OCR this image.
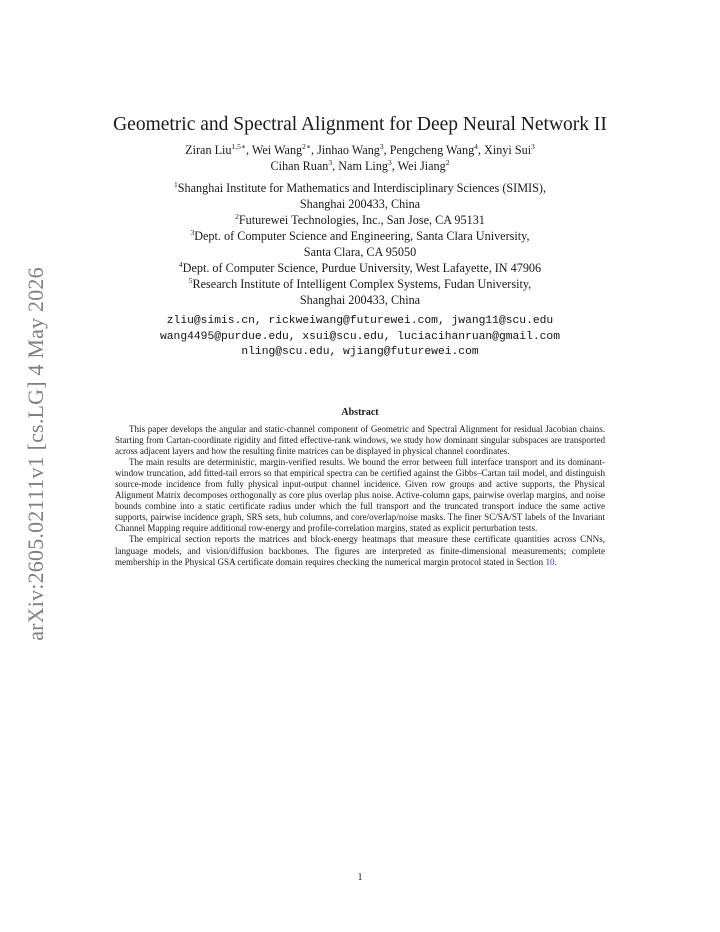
arXiv:2605.02111v1 [cs.LG] 4 May 2026
Geometric and Spectral Alignment for Deep Neural Network II
Ziran Liu$^{1,5∗}$, Wei Wang$^{2∗}$, Jinhao Wang$^3$, Pengcheng Wang$^4$, Xinyi Sui$^3$
Cihan Ruan$^3$, Nam Ling$^3$, Wei Jiang$^2$
$^1$Shanghai Institute for Mathematics and Interdisciplinary Sciences (SIMIS),
Shanghai 200433, China
$^2$Futurewei Technologies, Inc., San Jose, CA 95131
$^3$Dept. of Computer Science and Engineering, Santa Clara University,
Santa Clara, CA 95050
$^4$Dept. of Computer Science, Purdue University, West Lafayette, IN 47906
$^5$Research Institute of Intelligent Complex Systems, Fudan University,
Shanghai 200433, China
zliu@simis.cn, rickweiwang@futurewei.com, jwang11@scu.edu
wang4495@purdue.edu, xsui@scu.edu, luciacihanruan@gmail.com
nling@scu.edu, wjiang@futurewei.com
Abstract

This paper develops the angular and static-channel component of Geometric and Spectral Alignment for residual Jacobian chains. Starting from Cartan-coordinate rigidity and fitted effective-rank windows, we study how dominant singular subspaces are transported across adjacent layers and how the resulting finite matrices can be displayed in physical channel coordinates.

The main results are deterministic, margin-verified results. We bound the error between full interface transport and its dominant-window truncation, add fitted-tail errors so that empirical spectra can be certified against the Gibbs–Cartan tail model, and distinguish source-mode incidence from fully physical input-output channel incidence. Given row groups and active supports, the Physical Alignment Matrix decomposes orthogonally as core plus overlap plus noise. Active-column gaps, pairwise overlap margins, and noise bounds combine into a static certificate radius under which the full transport and the truncated transport induce the same active supports, pairwise incidence graph, SRS sets, hub columns, and core/overlap/noise masks. The finer SC/SA/ST labels of the Invariant Channel Mapping require additional row-energy and profile-correlation margins, stated as explicit perturbation tests.

The empirical section reports the matrices and block-energy heatmaps that measure these certificate quantities across CNNs, language models, and vision/diffusion backbones. The figures are interpreted as finite-dimensional measurements; complete membership in the Physical GSA certificate domain requires checking the numerical margin protocol stated in Section 10.

1
